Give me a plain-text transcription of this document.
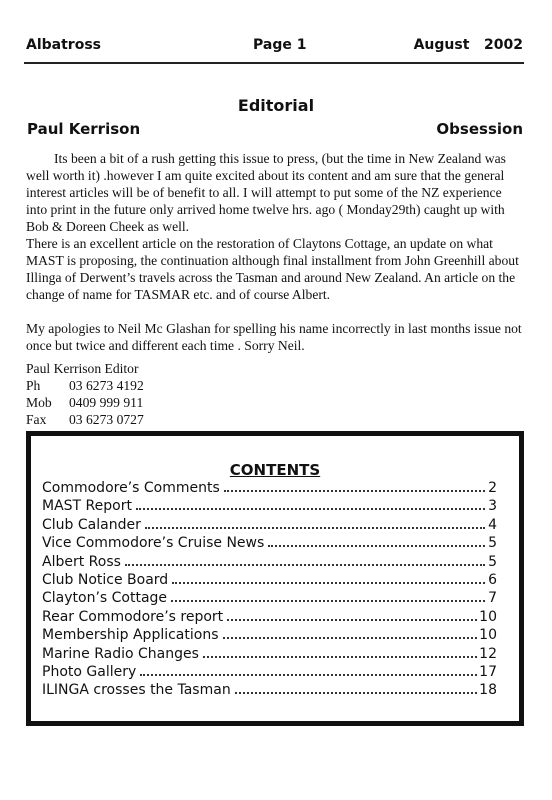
Albatross	Page 1	August   2002
Editorial
Paul Kerrison	Obsession

Its been a bit of a rush getting this issue to press, (but the time in New Zealand was well worth it) .however I am quite excited about its content and am sure that the general interest articles will be of benefit to all. I will attempt to put some of the NZ experience into print in the future only arrived home twelve hrs. ago ( Monday29th) caught up with Bob & Doreen Cheek as well.

There is an excellent article on the restoration of Claytons Cottage, an update on what MAST is proposing, the continuation although final installment from John Greenhill about Illinga of Derwent’s travels across the Tasman and around New Zealand. An article on the change of name for TASMAR etc. and of course Albert.

My apologies to Neil Mc Glashan for spelling his name incorrectly in last months issue not once but twice and different each time . Sorry Neil.

Paul Kerrison Editor
Ph	03 6273 4192
Mob	0409 999 911
Fax	03 6273 0727
CONTENTS
Commodore’s Comments	2
MAST Report	3
Club Calander	4
Vice Commodore’s Cruise News	5
Albert Ross	5
Club Notice Board	6
Clayton’s Cottage	7
Rear Commodore’s report	10
Membership Applications	10
Marine Radio Changes	12
Photo Gallery	17
ILINGA crosses the Tasman	18
